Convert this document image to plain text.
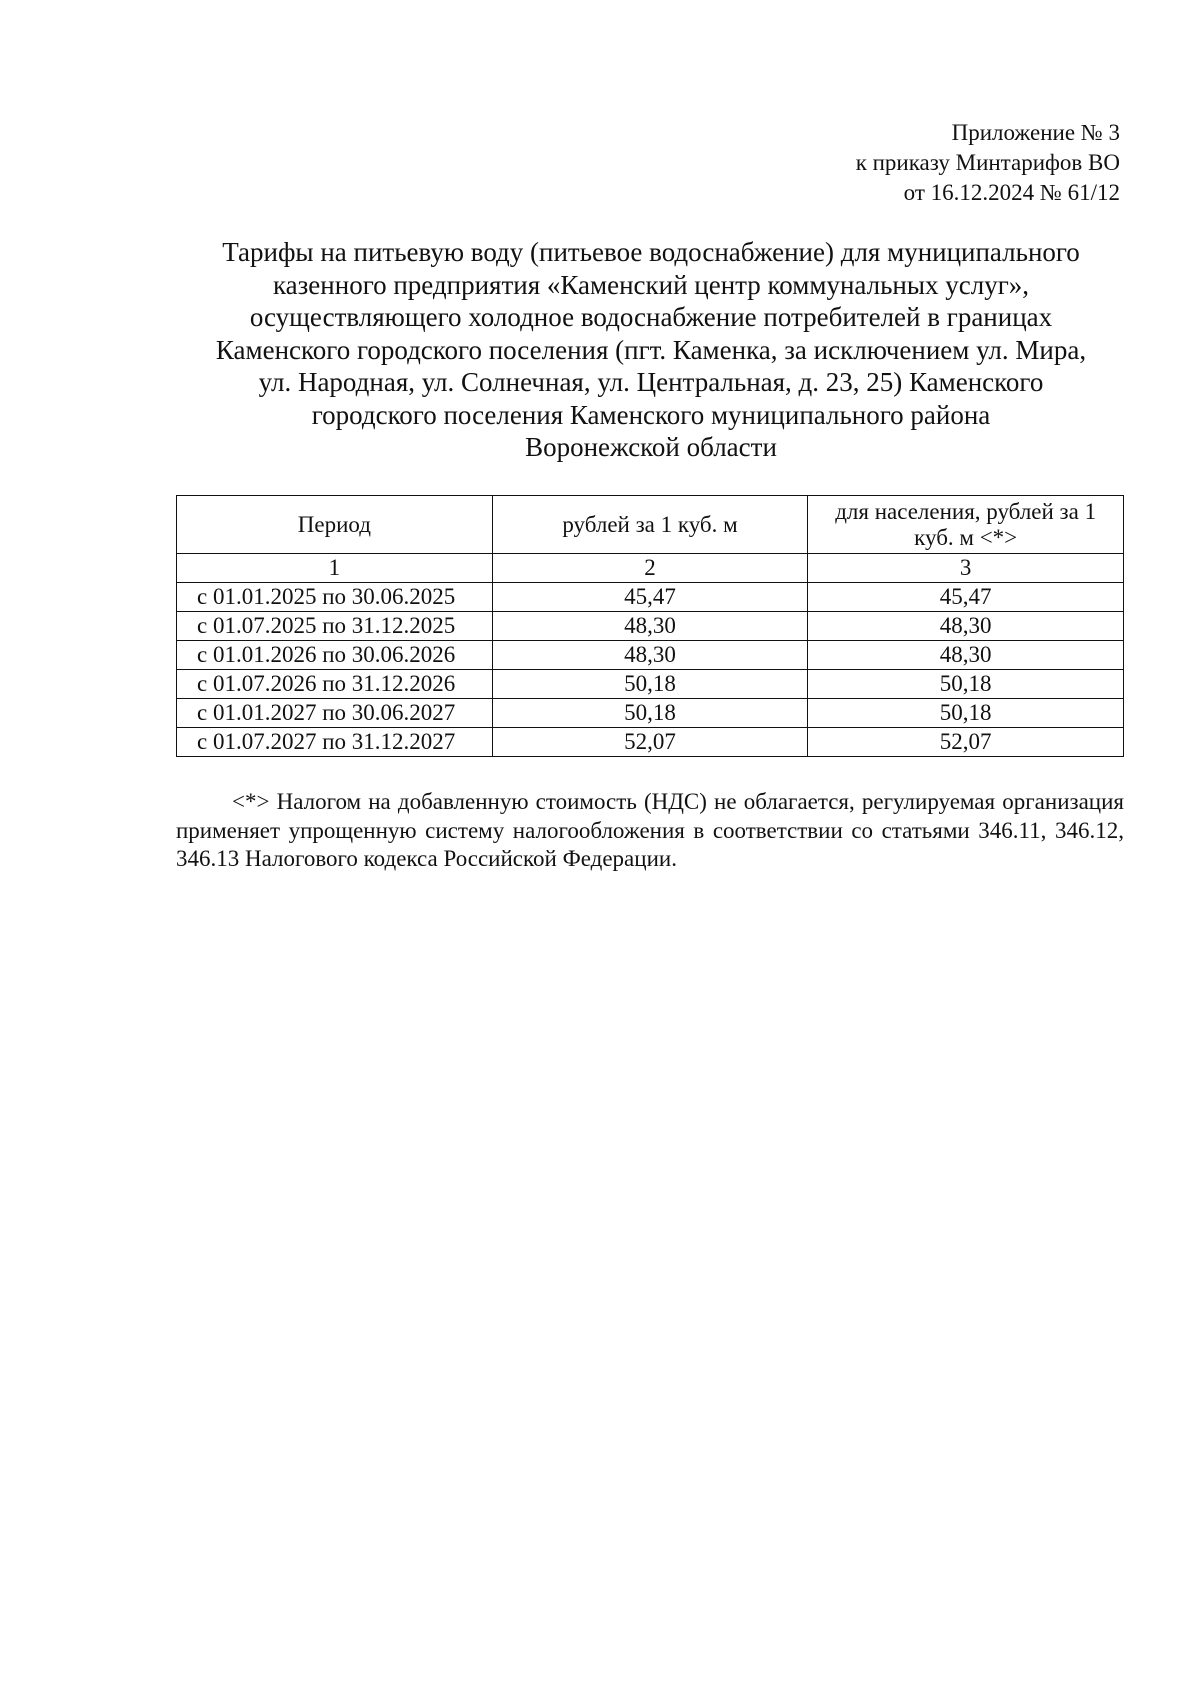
Приложение № 3
к приказу Минтарифов ВО
от 16.12.2024 № 61/12
Тарифы на питьевую воду (питьевое водоснабжение) для муниципального
казенного предприятия «Каменский центр коммунальных услуг»,
осуществляющего холодное водоснабжение потребителей в границах
Каменского городского поселения (пгт. Каменка, за исключением ул. Мира,
ул. Народная, ул. Солнечная, ул. Центральная, д. 23, 25) Каменского
городского поселения Каменского муниципального района
Воронежской области
Период	рублей за 1 куб. м	для населения, рублей за 1
куб. м <*>

1	2	3
с 01.01.2025 по 30.06.2025	45,47	45,47
с 01.07.2025 по 31.12.2025	48,30	48,30
с 01.01.2026 по 30.06.2026	48,30	48,30
с 01.07.2026 по 31.12.2026	50,18	50,18
с 01.01.2027 по 30.06.2027	50,18	50,18
с 01.07.2027 по 31.12.2027	52,07	52,07
<*> Налогом на добавленную стоимость (НДС) не облагается, регулируемая организация применяет упрощенную систему налогообложения в соответствии со статьями 346.11, 346.12, 346.13 Налогового кодекса Российской Федерации.
